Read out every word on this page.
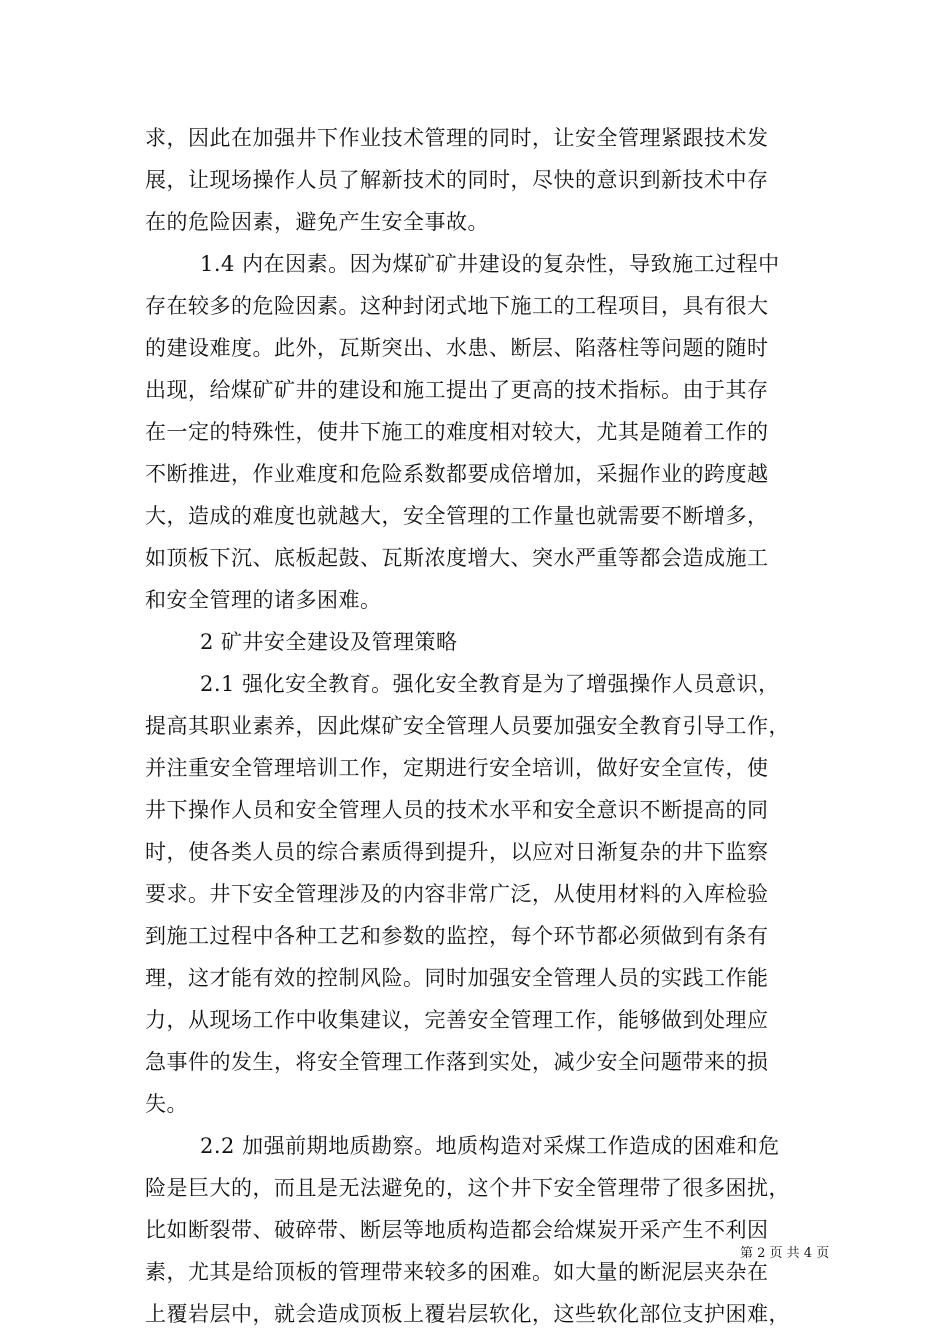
求，因此在加强井下作业技术管理的同时，让安全管理紧跟技术发
展，让现场操作人员了解新技术的同时，尽快的意识到新技术中存
在的危险因素，避免产生安全事故。
1.4 内在因素。因为煤矿矿井建设的复杂性，导致施工过程中
存在较多的危险因素。这种封闭式地下施工的工程项目，具有很大
的建设难度。此外，瓦斯突出、水患、断层、陷落柱等问题的随时
出现，给煤矿矿井的建设和施工提出了更高的技术指标。由于其存
在一定的特殊性，使井下施工的难度相对较大，尤其是随着工作的
不断推进，作业难度和危险系数都要成倍增加，采掘作业的跨度越
大，造成的难度也就越大，安全管理的工作量也就需要不断增多，
如顶板下沉、底板起鼓、瓦斯浓度增大、突水严重等都会造成施工
和安全管理的诸多困难。
2 矿井安全建设及管理策略
2.1 强化安全教育。强化安全教育是为了增强操作人员意识，
提高其职业素养，因此煤矿安全管理人员要加强安全教育引导工作，
并注重安全管理培训工作，定期进行安全培训，做好安全宣传，使
井下操作人员和安全管理人员的技术水平和安全意识不断提高的同
时，使各类人员的综合素质得到提升，以应对日渐复杂的井下监察
要求。井下安全管理涉及的内容非常广泛，从使用材料的入库检验
到施工过程中各种工艺和参数的监控，每个环节都必须做到有条有
理，这才能有效的控制风险。同时加强安全管理人员的实践工作能
力，从现场工作中收集建议，完善安全管理工作，能够做到处理应
急事件的发生，将安全管理工作落到实处，减少安全问题带来的损
失。
2.2 加强前期地质勘察。地质构造对采煤工作造成的困难和危
险是巨大的，而且是无法避免的，这个井下安全管理带了很多困扰，
比如断裂带、破碎带、断层等地质构造都会给煤炭开采产生不利因
素，尤其是给顶板的管理带来较多的困难。如大量的断泥层夹杂在
上覆岩层中，就会造成顶板上覆岩层软化，这些软化部位支护困难，
第 2 页 共 4 页
